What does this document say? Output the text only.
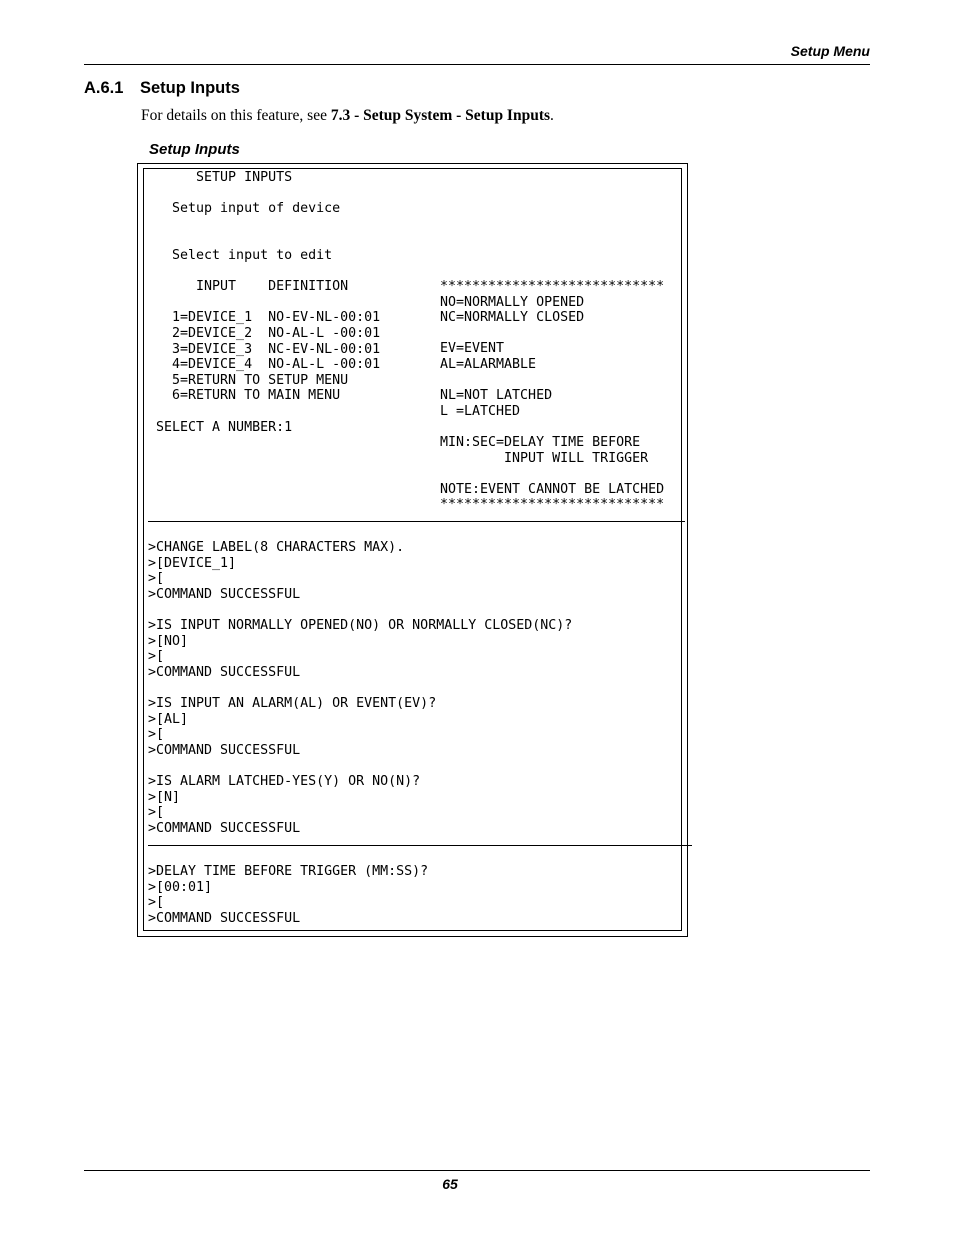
Setup Menu
A.6.1 Setup Inputs
For details on this feature, see 7.3 - Setup System - Setup Inputs.
Setup Inputs
SETUP INPUTS
Setup input of device
Select input to edit
INPUT    DEFINITION
1=DEVICE_1  NO-EV-NL-00:01
2=DEVICE_2  NO-AL-L -00:01
3=DEVICE_3  NC-EV-NL-00:01
4=DEVICE_4  NO-AL-L -00:01
5=RETURN TO SETUP MENU
6=RETURN TO MAIN MENU
SELECT A NUMBER:1
****************************
NO=NORMALLY OPENED
NC=NORMALLY CLOSED
EV=EVENT
AL=ALARMABLE
NL=NOT LATCHED
L =LATCHED
MIN:SEC=DELAY TIME BEFORE
INPUT WILL TRIGGER
NOTE:EVENT CANNOT BE LATCHED
****************************
>CHANGE LABEL(8 CHARACTERS MAX).
>[DEVICE_1]
>[
>COMMAND SUCCESSFUL
>IS INPUT NORMALLY OPENED(NO) OR NORMALLY CLOSED(NC)?
>[NO]
>[
>COMMAND SUCCESSFUL
>IS INPUT AN ALARM(AL) OR EVENT(EV)?
>[AL]
>[
>COMMAND SUCCESSFUL
>IS ALARM LATCHED-YES(Y) OR NO(N)?
>[N]
>[
>COMMAND SUCCESSFUL
>DELAY TIME BEFORE TRIGGER (MM:SS)?
>[00:01]
>[
>COMMAND SUCCESSFUL
65
